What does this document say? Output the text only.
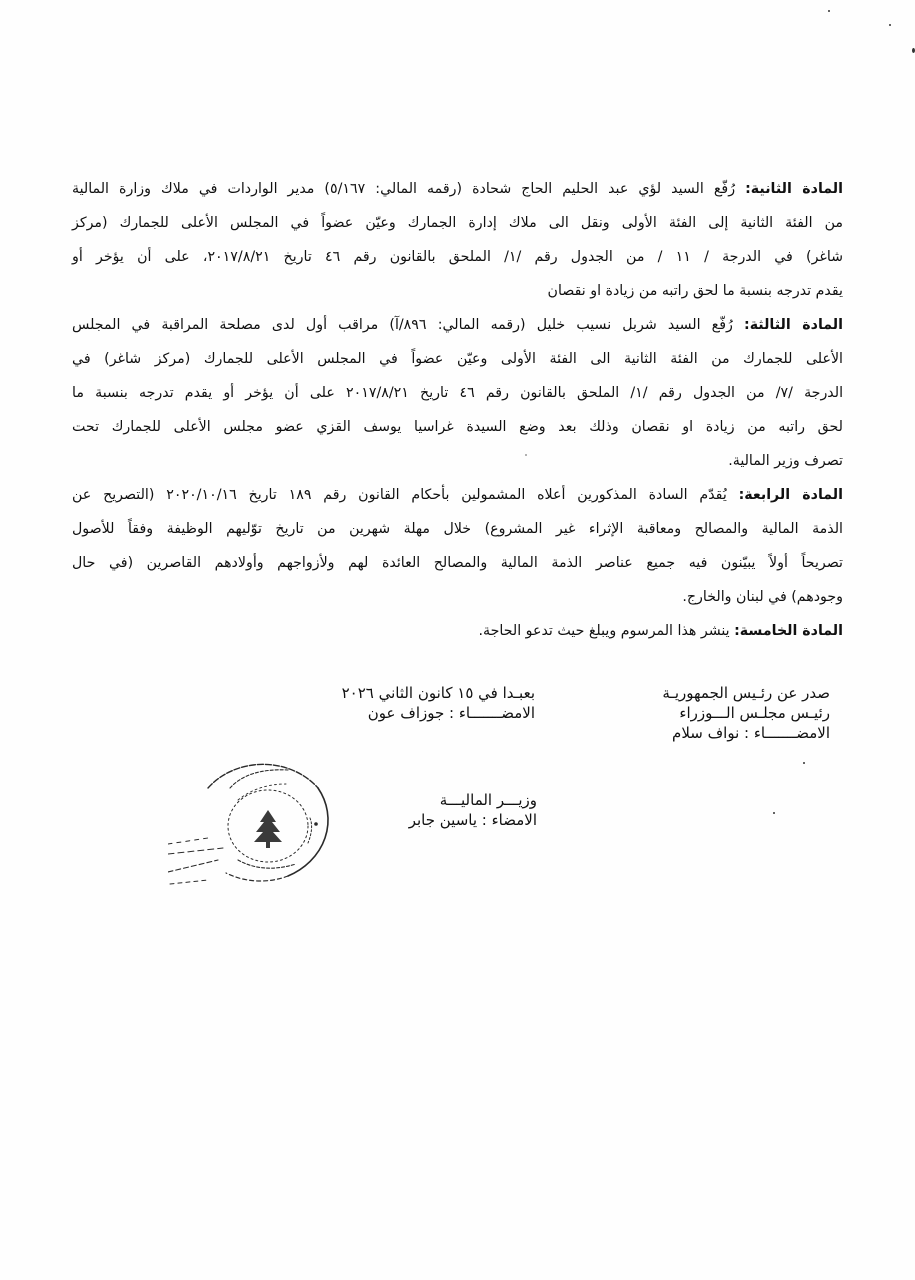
المادة الثانية: رُفّع السيد لؤي عبد الحليم الحاج شحادة (رقمه المالي: ٥/١٦٧) مدير الواردات في ملاك وزارة المالية
من الفئة الثانية إلى الفئة الأولى ونقل الى ملاك إدارة الجمارك وعيّن عضواً في المجلس الأعلى للجمارك (مركز
شاغر) في الدرجة / ١١ / من الجدول رقم /١/ الملحق بالقانون رقم ٤٦ تاريخ ٢٠١٧/٨/٢١، على أن يؤخر أو
يقدم تدرجه بنسبة ما لحق راتبه من زيادة او نقصان
المادة الثالثة: رُفّع السيد شربل نسيب خليل (رقمه المالي: ٨٩٦/آ) مراقب أول لدى مصلحة المراقبة في المجلس
الأعلى للجمارك من الفئة الثانية الى الفئة الأولى وعيّن عضواً في المجلس الأعلى للجمارك (مركز شاغر) في
الدرجة /٧/ من الجدول رقم /١/ الملحق بالقانون رقم ٤٦ تاريخ ٢٠١٧/٨/٢١ على أن يؤخر أو يقدم تدرجه بنسبة ما
لحق راتبه من زيادة او نقصان وذلك بعد وضع السيدة غراسيا يوسف القزي عضو مجلس الأعلى للجمارك تحت
تصرف وزير المالية.
المادة الرابعة: يُقدّم السادة المذكورين أعلاه المشمولين بأحكام القانون رقم ١٨٩ تاريخ ٢٠٢٠/١٠/١٦ (التصريح عن
الذمة المالية والمصالح ومعاقبة الإثراء غير المشروع) خلال مهلة شهرين من تاريخ توّليهم الوظيفة وفقاً للأصول
تصريحاً أولاً يبيّنون فيه جميع عناصر الذمة المالية والمصالح العائدة لهم ولأزواجهم وأولادهم القاصرين (في حال
وجودهم) في لبنان والخارج.
المادة الخامسة: ينشر هذا المرسوم ويبلغ حيث تدعو الحاجة.
صدر عن رئـيس الجمهوريـة
رئيـس مجلـس الـــوزراء
الامضـــــــاء : نواف سلام
بعبـدا في ١٥ كانون الثاني ٢٠٢٦
الامضـــــــاء : جوزاف عون
وزيـــر الماليـــة
الامضاء : ياسين جابر
